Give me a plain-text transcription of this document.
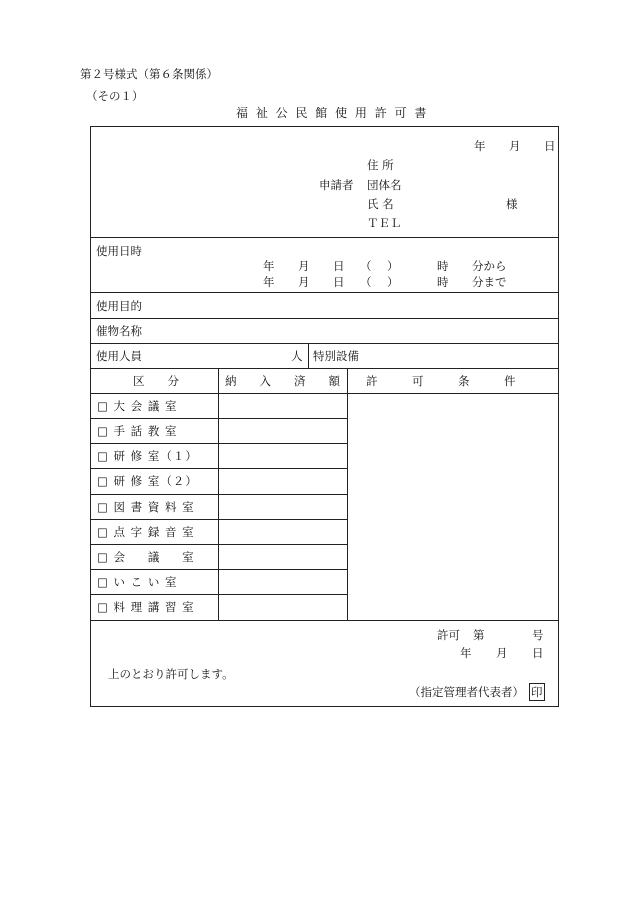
第２号様式（第６条関係）
（その１）
福 祉 公 民 館 使 用 許 可 書
年 月 日
住 所
申請者 団体名
氏 名	様
ＴＥＬ
使用日時
年 月 日 （ ）	時 分から
年 月 日 （ ）	時 分まで
使用目的
催物名称
使用人員	人 特別設備
区　　分	納　　入　　済　　額 許　　　可　　　条　　　件
□ 大 会 議 室
□ 手 話 教 室
□ 研 修 室（１）
□ 研 修 室（２）
□ 図 書 資 料 室
□ 点 字 録 音 室
□ 会 　 議 　 室
□ い こ い 室
□ 料 理 講 習 室
許可 第	号
年 月 日
上のとおり許可します。
（指定管理者代表者） 印
